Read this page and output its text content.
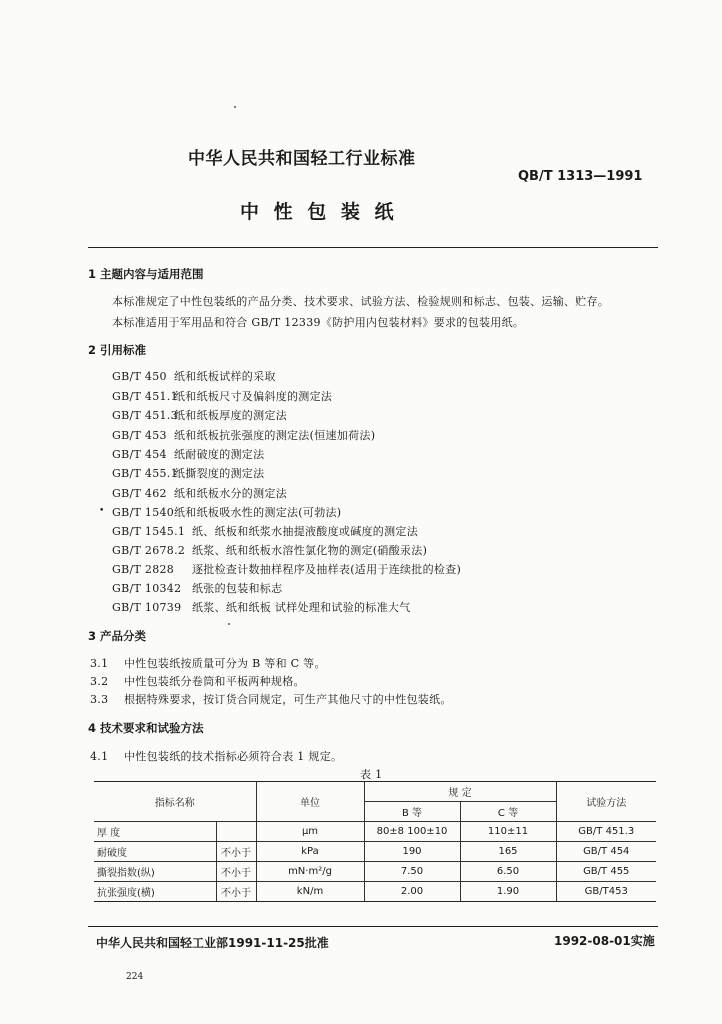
中华人民共和国轻工行业标准
QB/T 1313—1991
中 性 包 装 纸
1 主题内容与适用范围
本标准规定了中性包装纸的产品分类、技术要求、试验方法、检验规则和标志、包装、运输、贮存。
本标准适用于军用品和符合 GB/T 12339《防护用内包装材料》要求的包装用纸。
2 引用标准
GB/T 450 纸和纸板试样的采取
GB/T 451.1纸和纸板尺寸及偏斜度的测定法
GB/T 451.3纸和纸板厚度的测定法
GB/T 453 纸和纸板抗张强度的测定法(恒速加荷法)
GB/T 454 纸耐破度的测定法
GB/T 455.1纸撕裂度的测定法
GB/T 462 纸和纸板水分的测定法
• GB/T 1540纸和纸板吸水性的测定法(可勃法)
GB/T 1545.1 纸、纸板和纸浆水抽提液酸度或碱度的测定法
GB/T 2678.2 纸浆、纸和纸板水溶性氯化物的测定(硝酸汞法)
GB/T 2828 逐批检查计数抽样程序及抽样表(适用于连续批的检查)
GB/T 10342 纸张的包装和标志
GB/T 10739 纸浆、纸和纸板 试样处理和试验的标准大气
3 产品分类
3.1 中性包装纸按质量可分为 B 等和 C 等。
3.2 中性包装纸分卷筒和平板两种规格。
3.3 根据特殊要求，按订货合同规定，可生产其他尺寸的中性包装纸。
4 技术要求和试验方法
4.1 中性包装纸的技术指标必须符合表 1 规定。
表 1
指标名称		单位	规 定		试验方法
			B 等	C 等	
厚 度		μm	80±8 100±10	110±11	GB/T 451.3
耐破度	不小于	kPa	190	165	GB/T 454
撕裂指数(纵)	不小于	mN·m²/g	7.50	6.50	GB/T 455
抗张强度(横)	不小于	kN/m	2.00	1.90	GB/T453
中华人民共和国轻工业部1991-11-25批准	1992-08-01实施
224
